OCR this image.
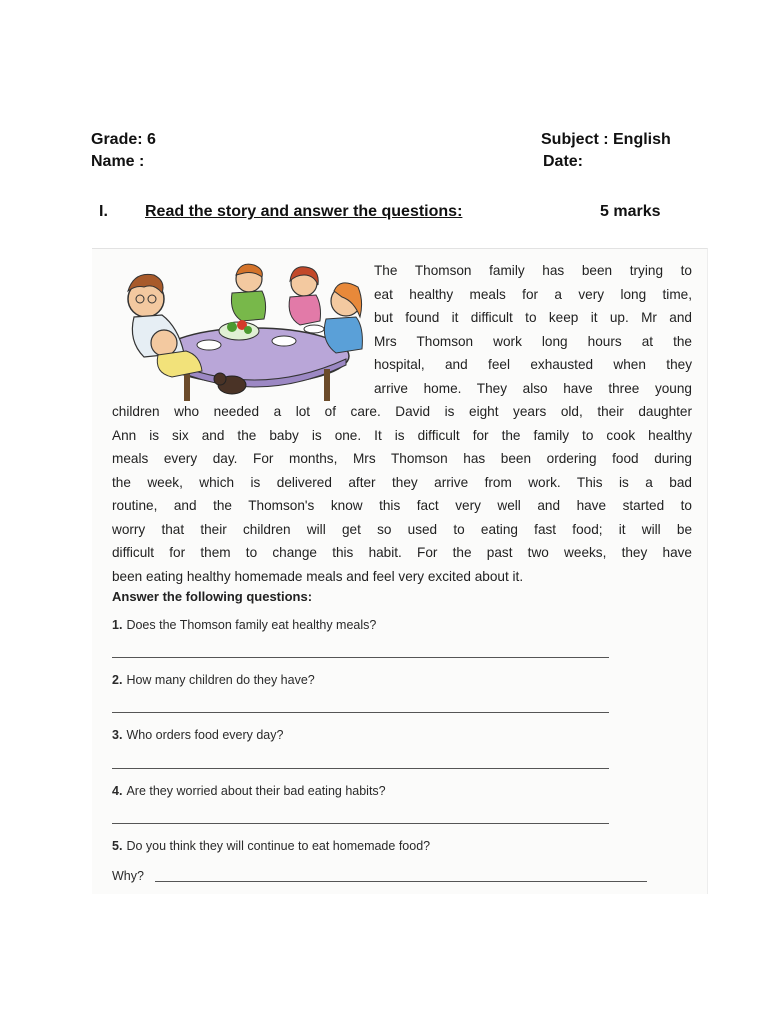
Grade: 6
Name :
Subject : English
Date:
I. Read the story and answer the questions:	5 marks
The Thomson family has been trying to
eat healthy meals for a very long time,
but found it difficult to keep it up. Mr and
Mrs Thomson work long hours at the
hospital, and feel exhausted when they
arrive home. They also have three young
children who needed a lot of care. David is eight years old, their daughter
Ann is six and the baby is one. It is difficult for the family to cook healthy
meals every day. For months, Mrs Thomson has been ordering food during
the week, which is delivered after they arrive from work. This is a bad
routine, and the Thomson's know this fact very well and have started to
worry that their children will get so used to eating fast food; it will be
difficult for them to change this habit. For the past two weeks, they have
been eating healthy homemade meals and feel very excited about it.
Answer the following questions:
1. Does the Thomson family eat healthy meals?
2. How many children do they have?
3. Who orders food every day?
4. Are they worried about their bad eating habits?
5. Do you think they will continue to eat homemade food?
Why?
